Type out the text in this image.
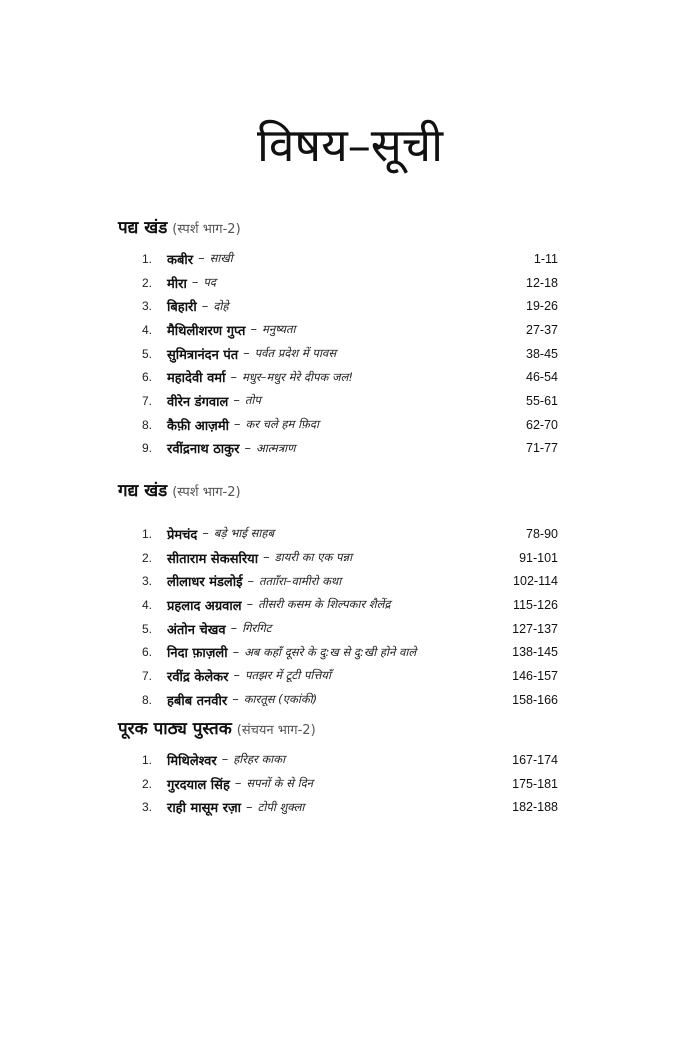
विषय–सूची
पद्य खंड (स्पर्श भाग-2)
1.	कबीर – साखी	1-11
2.	मीरा – पद	12-18
3.	बिहारी – दोहे	19-26
4.	मैथिलीशरण गुप्त – मनुष्यता	27-37
5.	सुमित्रानंदन पंत – पर्वत प्रदेश में पावस	38-45
6.	महादेवी वर्मा – मधुर–मधुर मेरे दीपक जल!	46-54
7.	वीरेन डंगवाल – तोप	55-61
8.	कैफ़ी आज़मी – कर चले हम फ़िदा	62-70
9.	रवींद्रनाथ ठाकुर – आत्मत्राण	71-77
गद्य खंड (स्पर्श भाग-2)
1.	प्रेमचंद – बड़े भाई साहब	78-90
2.	सीताराम सेकसरिया – डायरी का एक पन्ना	91-101
3.	लीलाधर मंडलोई – ततााँरा–वामीरो कथा	102-114
4.	प्रहलाद अग्रवाल – तीसरी कसम के शिल्पकार शैलेंद्र	115-126
5.	अंतोन चेखव – गिरगिट	127-137
6.	निदा फ़ाज़ली – अब कहाँ दूसरे के दु:ख से दु:खी होने वाले	138-145
7.	रवींद्र केलेकर – पतझर में टूटी पत्तियाँ	146-157
8.	हबीब तनवीर – कारतूस (एकांकी)	158-166
पूरक पाठ्य पुस्तक (संचयन भाग-2)
1.	मिथिलेश्वर – हरिहर काका	167-174
2.	गुरदयाल सिंह – सपनों के से दिन	175-181
3.	राही मासूम रज़ा – टोपी शुक्ला	182-188
